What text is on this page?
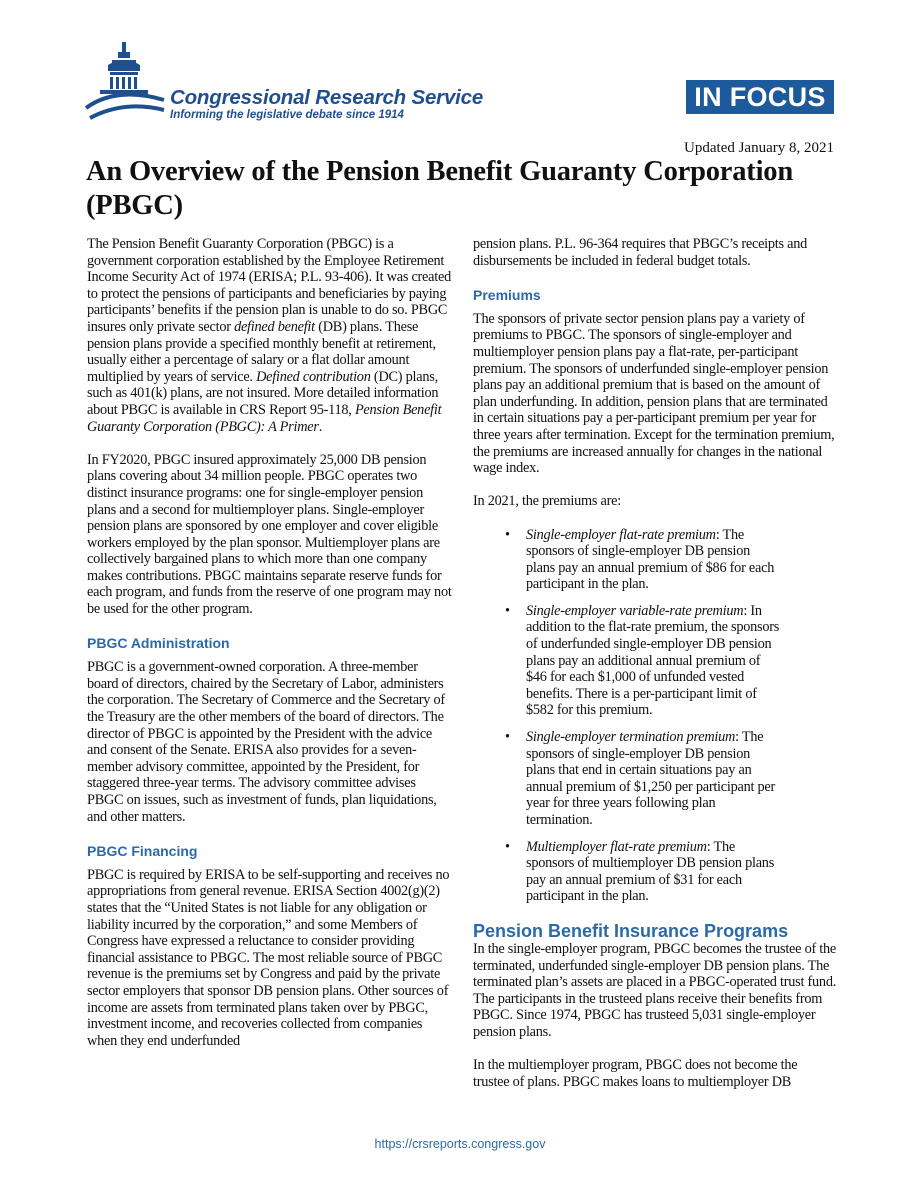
Congressional Research Service
Informing the legislative debate since 1914
IN FOCUS
Updated January 8, 2021
An Overview of the Pension Benefit Guaranty Corporation (PBGC)

The Pension Benefit Guaranty Corporation (PBGC) is a government corporation established by the Employee Retirement Income Security Act of 1974 (ERISA; P.L. 93-406). It was created to protect the pensions of participants and beneficiaries by paying participants’ benefits if the pension plan is unable to do so. PBGC insures only private sector defined benefit (DB) plans. These pension plans provide a specified monthly benefit at retirement, usually either a percentage of salary or a flat dollar amount multiplied by years of service. Defined contribution (DC) plans, such as 401(k) plans, are not insured. More detailed information about PBGC is available in CRS Report 95-118, Pension Benefit Guaranty Corporation (PBGC): A Primer.

In FY2020, PBGC insured approximately 25,000 DB pension plans covering about 34 million people. PBGC operates two distinct insurance programs: one for single-employer pension plans and a second for multiemployer plans. Single-employer pension plans are sponsored by one employer and cover eligible workers employed by the plan sponsor. Multiemployer plans are collectively bargained plans to which more than one company makes contributions. PBGC maintains separate reserve funds for each program, and funds from the reserve of one program may not be used for the other program.

PBGC Administration

PBGC is a government-owned corporation. A three-member board of directors, chaired by the Secretary of Labor, administers the corporation. The Secretary of Commerce and the Secretary of the Treasury are the other members of the board of directors. The director of PBGC is appointed by the President with the advice and consent of the Senate. ERISA also provides for a seven-member advisory committee, appointed by the President, for staggered three-year terms. The advisory committee advises PBGC on issues, such as investment of funds, plan liquidations, and other matters.

PBGC Financing

PBGC is required by ERISA to be self-supporting and receives no appropriations from general revenue. ERISA Section 4002(g)(2) states that the “United States is not liable for any obligation or liability incurred by the corporation,” and some Members of Congress have expressed a reluctance to consider providing financial assistance to PBGC. The most reliable source of PBGC revenue is the premiums set by Congress and paid by the private sector employers that sponsor DB pension plans. Other sources of income are assets from terminated plans taken over by PBGC, investment income, and recoveries collected from companies when they end underfunded

pension plans. P.L. 96-364 requires that PBGC’s receipts and disbursements be included in federal budget totals.

Premiums

The sponsors of private sector pension plans pay a variety of premiums to PBGC. The sponsors of single-employer and multiemployer pension plans pay a flat-rate, per-participant premium. The sponsors of underfunded single-employer pension plans pay an additional premium that is based on the amount of plan underfunding. In addition, pension plans that are terminated in certain situations pay a per-participant premium per year for three years after termination. Except for the termination premium, the premiums are increased annually for changes in the national wage index.

In 2021, the premiums are:

• Single-employer flat-rate premium: The sponsors of single-employer DB pension plans pay an annual premium of $86 for each participant in the plan.
• Single-employer variable-rate premium: In addition to the flat-rate premium, the sponsors of underfunded single-employer DB pension plans pay an additional annual premium of $46 for each $1,000 of unfunded vested benefits. There is a per-participant limit of $582 for this premium.
• Single-employer termination premium: The sponsors of single-employer DB pension plans that end in certain situations pay an annual premium of $1,250 per participant per year for three years following plan termination.
• Multiemployer flat-rate premium: The sponsors of multiemployer DB pension plans pay an annual premium of $31 for each participant in the plan.
Pension Benefit Insurance Programs

In the single-employer program, PBGC becomes the trustee of the terminated, underfunded single-employer DB pension plans. The terminated plan’s assets are placed in a PBGC-operated trust fund. The participants in the trusteed plans receive their benefits from PBGC. Since 1974, PBGC has trusteed 5,031 single-employer pension plans.

In the multiemployer program, PBGC does not become the trustee of plans. PBGC makes loans to multiemployer DB

https://crsreports.congress.gov
